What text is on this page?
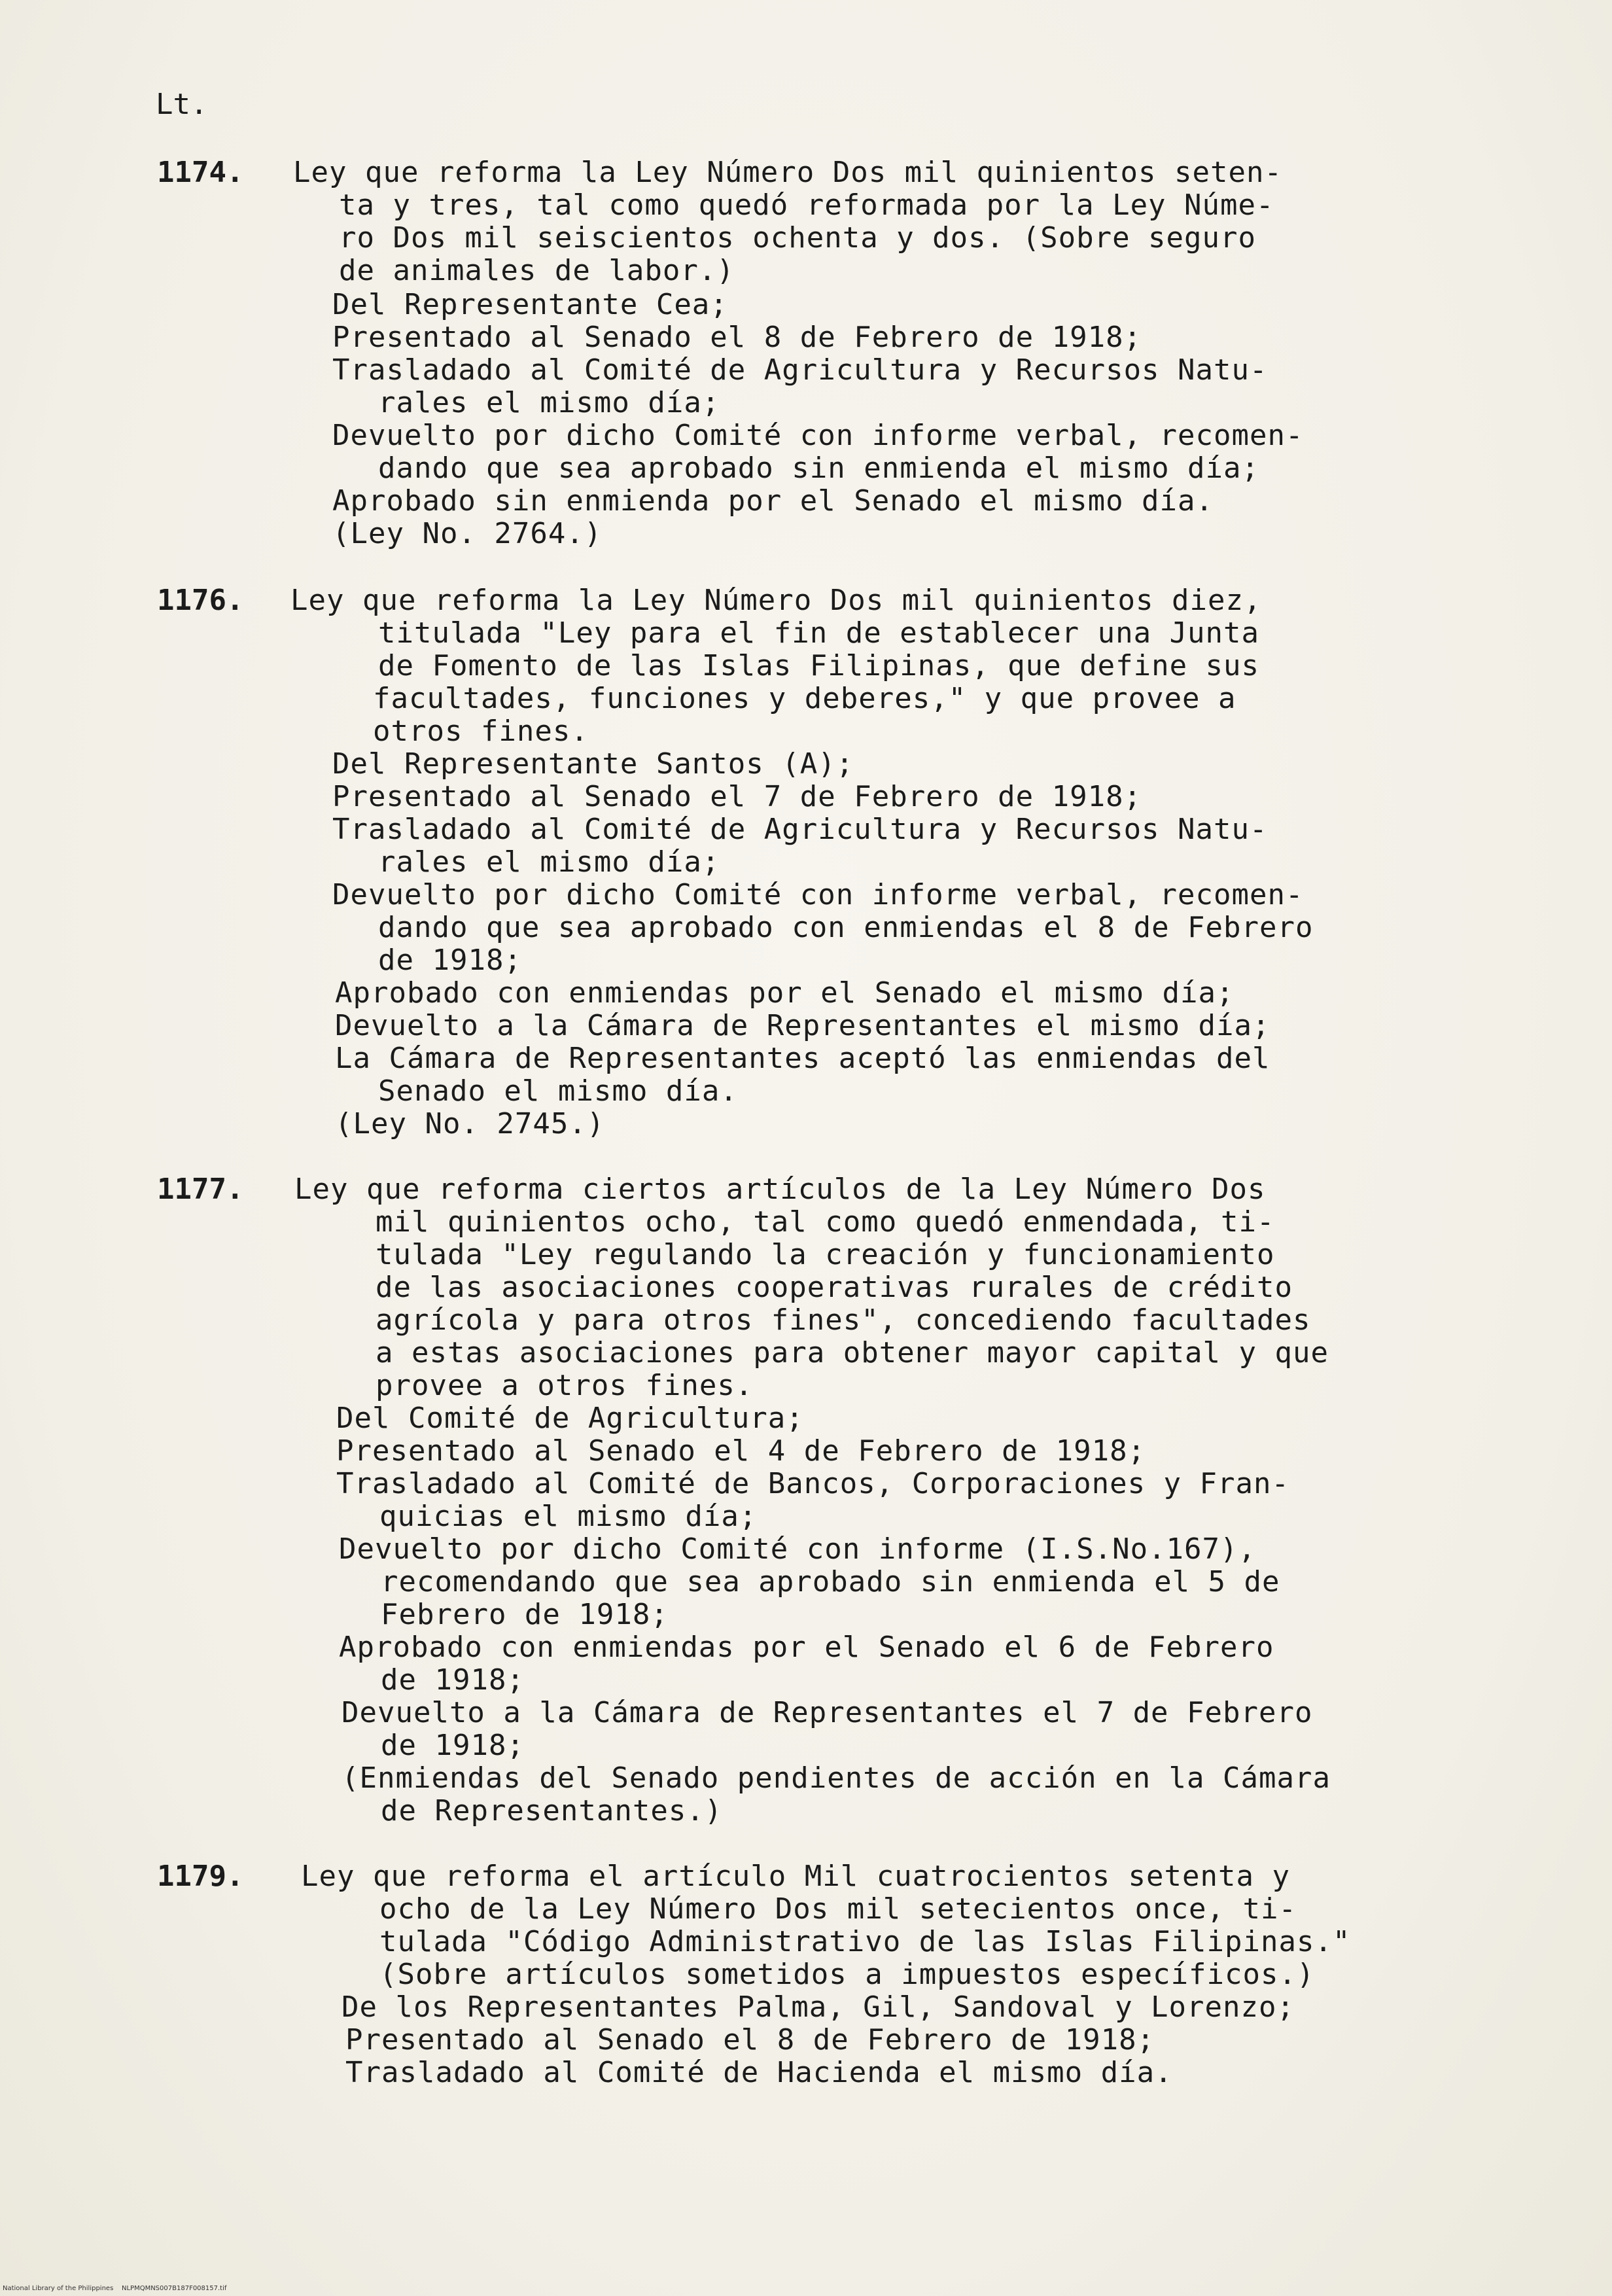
Lt.
1174. Ley que reforma la Ley Número Dos mil quinientos seten-
ta y tres, tal como quedó reformada por la Ley Núme-
ro Dos mil seiscientos ochenta y dos. (Sobre seguro
de animales de labor.)
Del Representante Cea;
Presentado al Senado el 8 de Febrero de 1918;
Trasladado al Comité de Agricultura y Recursos Natu-
rales el mismo día;
Devuelto por dicho Comité con informe verbal, recomen-
dando que sea aprobado sin enmienda el mismo día;
Aprobado sin enmienda por el Senado el mismo día.
(Ley No. 2764.)
1176. Ley que reforma la Ley Número Dos mil quinientos diez,
titulada "Ley para el fin de establecer una Junta
de Fomento de las Islas Filipinas, que define sus
facultades, funciones y deberes," y que provee a
otros fines.
Del Representante Santos (A);
Presentado al Senado el 7 de Febrero de 1918;
Trasladado al Comité de Agricultura y Recursos Natu-
rales el mismo día;
Devuelto por dicho Comité con informe verbal, recomen-
dando que sea aprobado con enmiendas el 8 de Febrero
de 1918;
Aprobado con enmiendas por el Senado el mismo día;
Devuelto a la Cámara de Representantes el mismo día;
La Cámara de Representantes aceptó las enmiendas del
Senado el mismo día.
(Ley No. 2745.)
1177. Ley que reforma ciertos artículos de la Ley Número Dos
mil quinientos ocho, tal como quedó enmendada, ti-
tulada "Ley regulando la creación y funcionamiento
de las asociaciones cooperativas rurales de crédito
agrícola y para otros fines", concediendo facultades
a estas asociaciones para obtener mayor capital y que
provee a otros fines.
Del Comité de Agricultura;
Presentado al Senado el 4 de Febrero de 1918;
Trasladado al Comité de Bancos, Corporaciones y Fran-
quicias el mismo día;
Devuelto por dicho Comité con informe (I.S.No.167),
recomendando que sea aprobado sin enmienda el 5 de
Febrero de 1918;
Aprobado con enmiendas por el Senado el 6 de Febrero
de 1918;
Devuelto a la Cámara de Representantes el 7 de Febrero
de 1918;
(Enmiendas del Senado pendientes de acción en la Cámara
de Representantes.)
1179. Ley que reforma el artículo Mil cuatrocientos setenta y
ocho de la Ley Número Dos mil setecientos once, ti-
tulada "Código Administrativo de las Islas Filipinas."
(Sobre artículos sometidos a impuestos específicos.)
De los Representantes Palma, Gil, Sandoval y Lorenzo;
Presentado al Senado el 8 de Febrero de 1918;
Trasladado al Comité de Hacienda el mismo día.
National Library of the Philippines    NLPMQMNS007B187F008157.tif
